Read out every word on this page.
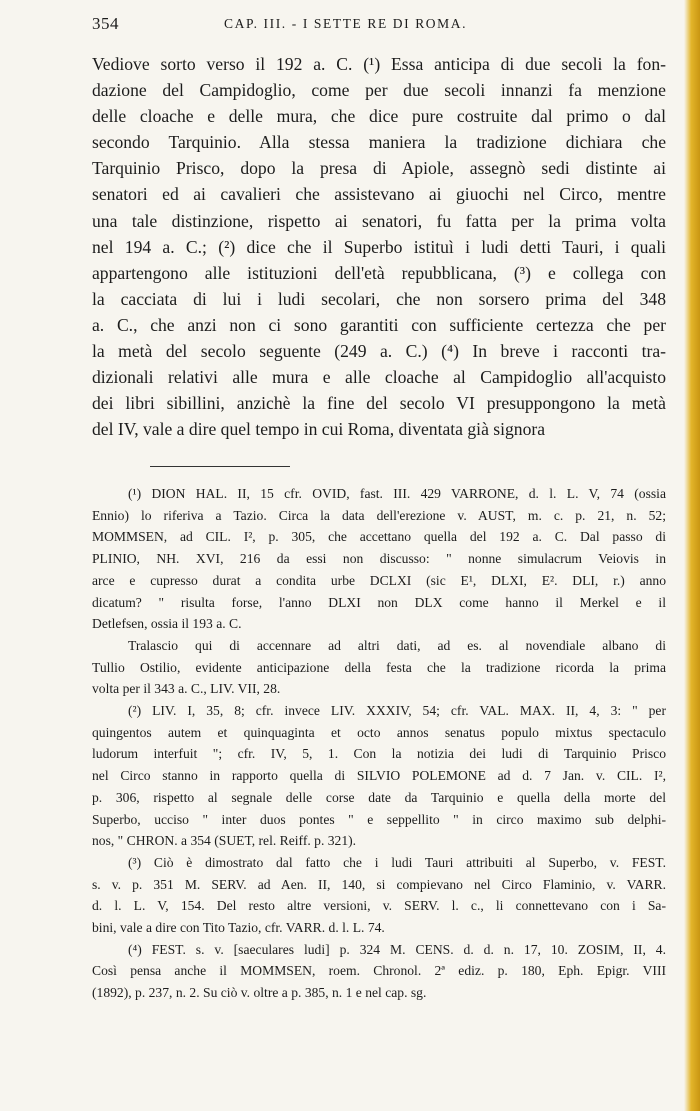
354	CAP. III. - I SETTE RE DI ROMA.
Vediove sorto verso il 192 a. C. (¹) Essa anticipa di due secoli la fon-
dazione del Campidoglio, come per due secoli innanzi fa menzione
delle cloache e delle mura, che dice pure costruite dal primo o dal
secondo Tarquinio. Alla stessa maniera la tradizione dichiara che
Tarquinio Prisco, dopo la presa di Apiole, assegnò sedi distinte ai
senatori ed ai cavalieri che assistevano ai giuochi nel Circo, mentre
una tale distinzione, rispetto ai senatori, fu fatta per la prima volta
nel 194 a. C.; (²) dice che il Superbo istituì i ludi detti Tauri, i quali
appartengono alle istituzioni dell'età repubblicana, (³) e collega con
la cacciata di lui i ludi secolari, che non sorsero prima del 348
a. C., che anzi non ci sono garantiti con sufficiente certezza che per
la metà del secolo seguente (249 a. C.) (⁴) In breve i racconti tra-
dizionali relativi alle mura e alle cloache al Campidoglio all'acquisto
dei libri sibillini, anzichè la fine del secolo VI presuppongono la metà
del IV, vale a dire quel tempo in cui Roma, diventata già signora
(¹) DION HAL. II, 15 cfr. OVID, fast. III. 429 VARRONE, d. l. L. V, 74 (ossia
Ennio) lo riferiva a Tazio. Circa la data dell'erezione v. AUST, m. c. p. 21, n. 52;
MOMMSEN, ad CIL. I², p. 305, che accettano quella del 192 a. C. Dal passo di
PLINIO, NH. XVI, 216 da essi non discusso: " nonne simulacrum Veiovis in
arce e cupresso durat a condita urbe DCLXI (sic E¹, DLXI, E². DLI, r.) anno
dicatum? " risulta forse, l'anno DLXI non DLX come hanno il Merkel e il
Detlefsen, ossia il 193 a. C.
Tralascio qui di accennare ad altri dati, ad es. al novendiale albano di
Tullio Ostilio, evidente anticipazione della festa che la tradizione ricorda la prima
volta per il 343 a. C., LIV. VII, 28.
(²) LIV. I, 35, 8; cfr. invece LIV. XXXIV, 54; cfr. VAL. MAX. II, 4, 3: " per
quingentos autem et quinquaginta et octo annos senatus populo mixtus spectaculo
ludorum interfuit "; cfr. IV, 5, 1. Con la notizia dei ludi di Tarquinio Prisco
nel Circo stanno in rapporto quella di SILVIO POLEMONE ad d. 7 Jan. v. CIL. I²,
p. 306, rispetto al segnale delle corse date da Tarquinio e quella della morte del
Superbo, ucciso " inter duos pontes " e seppellito " in circo maximo sub delphi-
nos, " CHRON. a 354 (SUET, rel. Reiff. p. 321).
(³) Ciò è dimostrato dal fatto che i ludi Tauri attribuiti al Superbo, v. FEST.
s. v. p. 351 M. SERV. ad Aen. II, 140, si compievano nel Circo Flaminio, v. VARR.
d. l. L. V, 154. Del resto altre versioni, v. SERV. l. c., li connettevano con i Sa-
bini, vale a dire con Tito Tazio, cfr. VARR. d. l. L. 74.
(⁴) FEST. s. v. [saeculares ludi] p. 324 M. CENS. d. d. n. 17, 10. ZOSIM, II, 4.
Così pensa anche il MOMMSEN, roem. Chronol. 2ª ediz. p. 180, Eph. Epigr. VIII
(1892), p. 237, n. 2. Su ciò v. oltre a p. 385, n. 1 e nel cap. sg.
